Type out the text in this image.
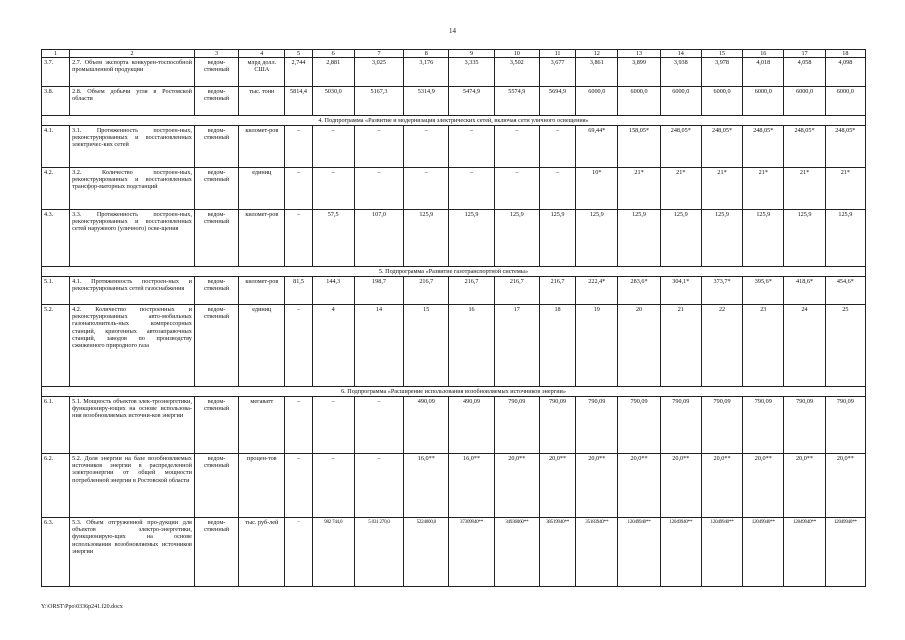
14
1	2	3	4	5	6	7	8	9	10	11	12	13	14	15	16	17	18
3.7.	2.7. Объем экспорта конкурен-тоспособной промышленной продукции	ведом-ственный	млрд долл. США	2,744	2,881	3,025	3,176	3,335	3,502	3,677	3,861	3,899	3,938	3,978	4,018	4,058	4,098
3.8.	2.8. Объем добычи угля в Ростовской области	ведом-ственный	тыс. тонн	5814,4	5030,0	5167,3	5314,9	5474,9	5574,9	5694,9	6000,0	6000,0	6000,0	6000,0	6000,0	6000,0	6000,0
4. Подпрограмма «Развитие и модернизация электрических сетей, включая сети уличного освещения»																	
4.1.	3.1. Протяженность построен-ных, реконструированных и восстановленных электричес-ких сетей	ведом-ственный	километ-ров	–	–	–	–	–	–	–	69,44*	158,05*	248,05*	248,05*	248,05*	248,05*	248,05*
4.2.	3.2. Количество построен-ных, реконструированных и восстановленных трансфор-маторных подстанций	ведом-ственный	единиц	–	–	–	–	–	–	–	10*	21*	21*	21*	21*	21*	21*
4.3.	3.3. Протяженность построен-ных, реконструированных и восстановленных сетей наружного (уличного) осве-щения	ведом-ственный	километ-ров	–	57,5	107,0	125,9	125,9	125,9	125,9	125,9	125,9	125,9	125,9	125,9	125,9	125,9
5. Подпрограмма «Развитие газотранспортной системы»																	
5.1.	4.1. Протяженность построен-ных и реконструированных сетей газоснабжения	ведом-ственный	километ-ров	81,5	144,3	198,7	216,7	216,7	216,7	216,7	222,4*	283,6*	304,1*	373,7*	395,6*	418,6*	454,6*
5.2.	4.2. Количество построенных и реконструированных авто-мобильных газонаполнитель-ных компрессорных станций, криогенных автозаправочных станций, заводов по производству сжиженного природного газа	ведом-ственный	единиц	–	4	14	15	16	17	18	19	20	21	22	23	24	25
6. Подпрограмма «Расширение использования возобновляемых источников энергии»																	
6.1.	5.1. Мощность объектов элек-троэнергетики, функциониру-ющих на основе использова-ния возобновляемых источни-ков энергии	ведом-ственный	мегаватт	–	–	–	490,09	490,09	790,09	790,09	790,09	790,09	790,09	790,09	790,09	790,09	790,09
6.2.	5.2. Доля энергии на базе возобновляемых источников энергии в распределенной электроэнергии от общей мощности потребленной энергии в Ростовской области	ведом-ственный	процен-тов	–	–	–	16,0**	16,0**	20,0**	20,0**	20,0**	20,0**	20,0**	20,0**	20,0**	20,0**	20,0**
6.3.	5.3. Объем отгруженной про-дукции для объектов электро-энергетики, функционирую-щих на основе использования возобновляемых источников энергии	ведом-ственный	тыс. руб-лей	–	982 744,0	5 031 270,0	5224000,0	37309940**	34936060**	38519940**	35183940**	12049940**	12049940**	12049940**	12049940**	12049940**	12049940**
Y:\ORST\Ppo\0336p241.f20.docx
